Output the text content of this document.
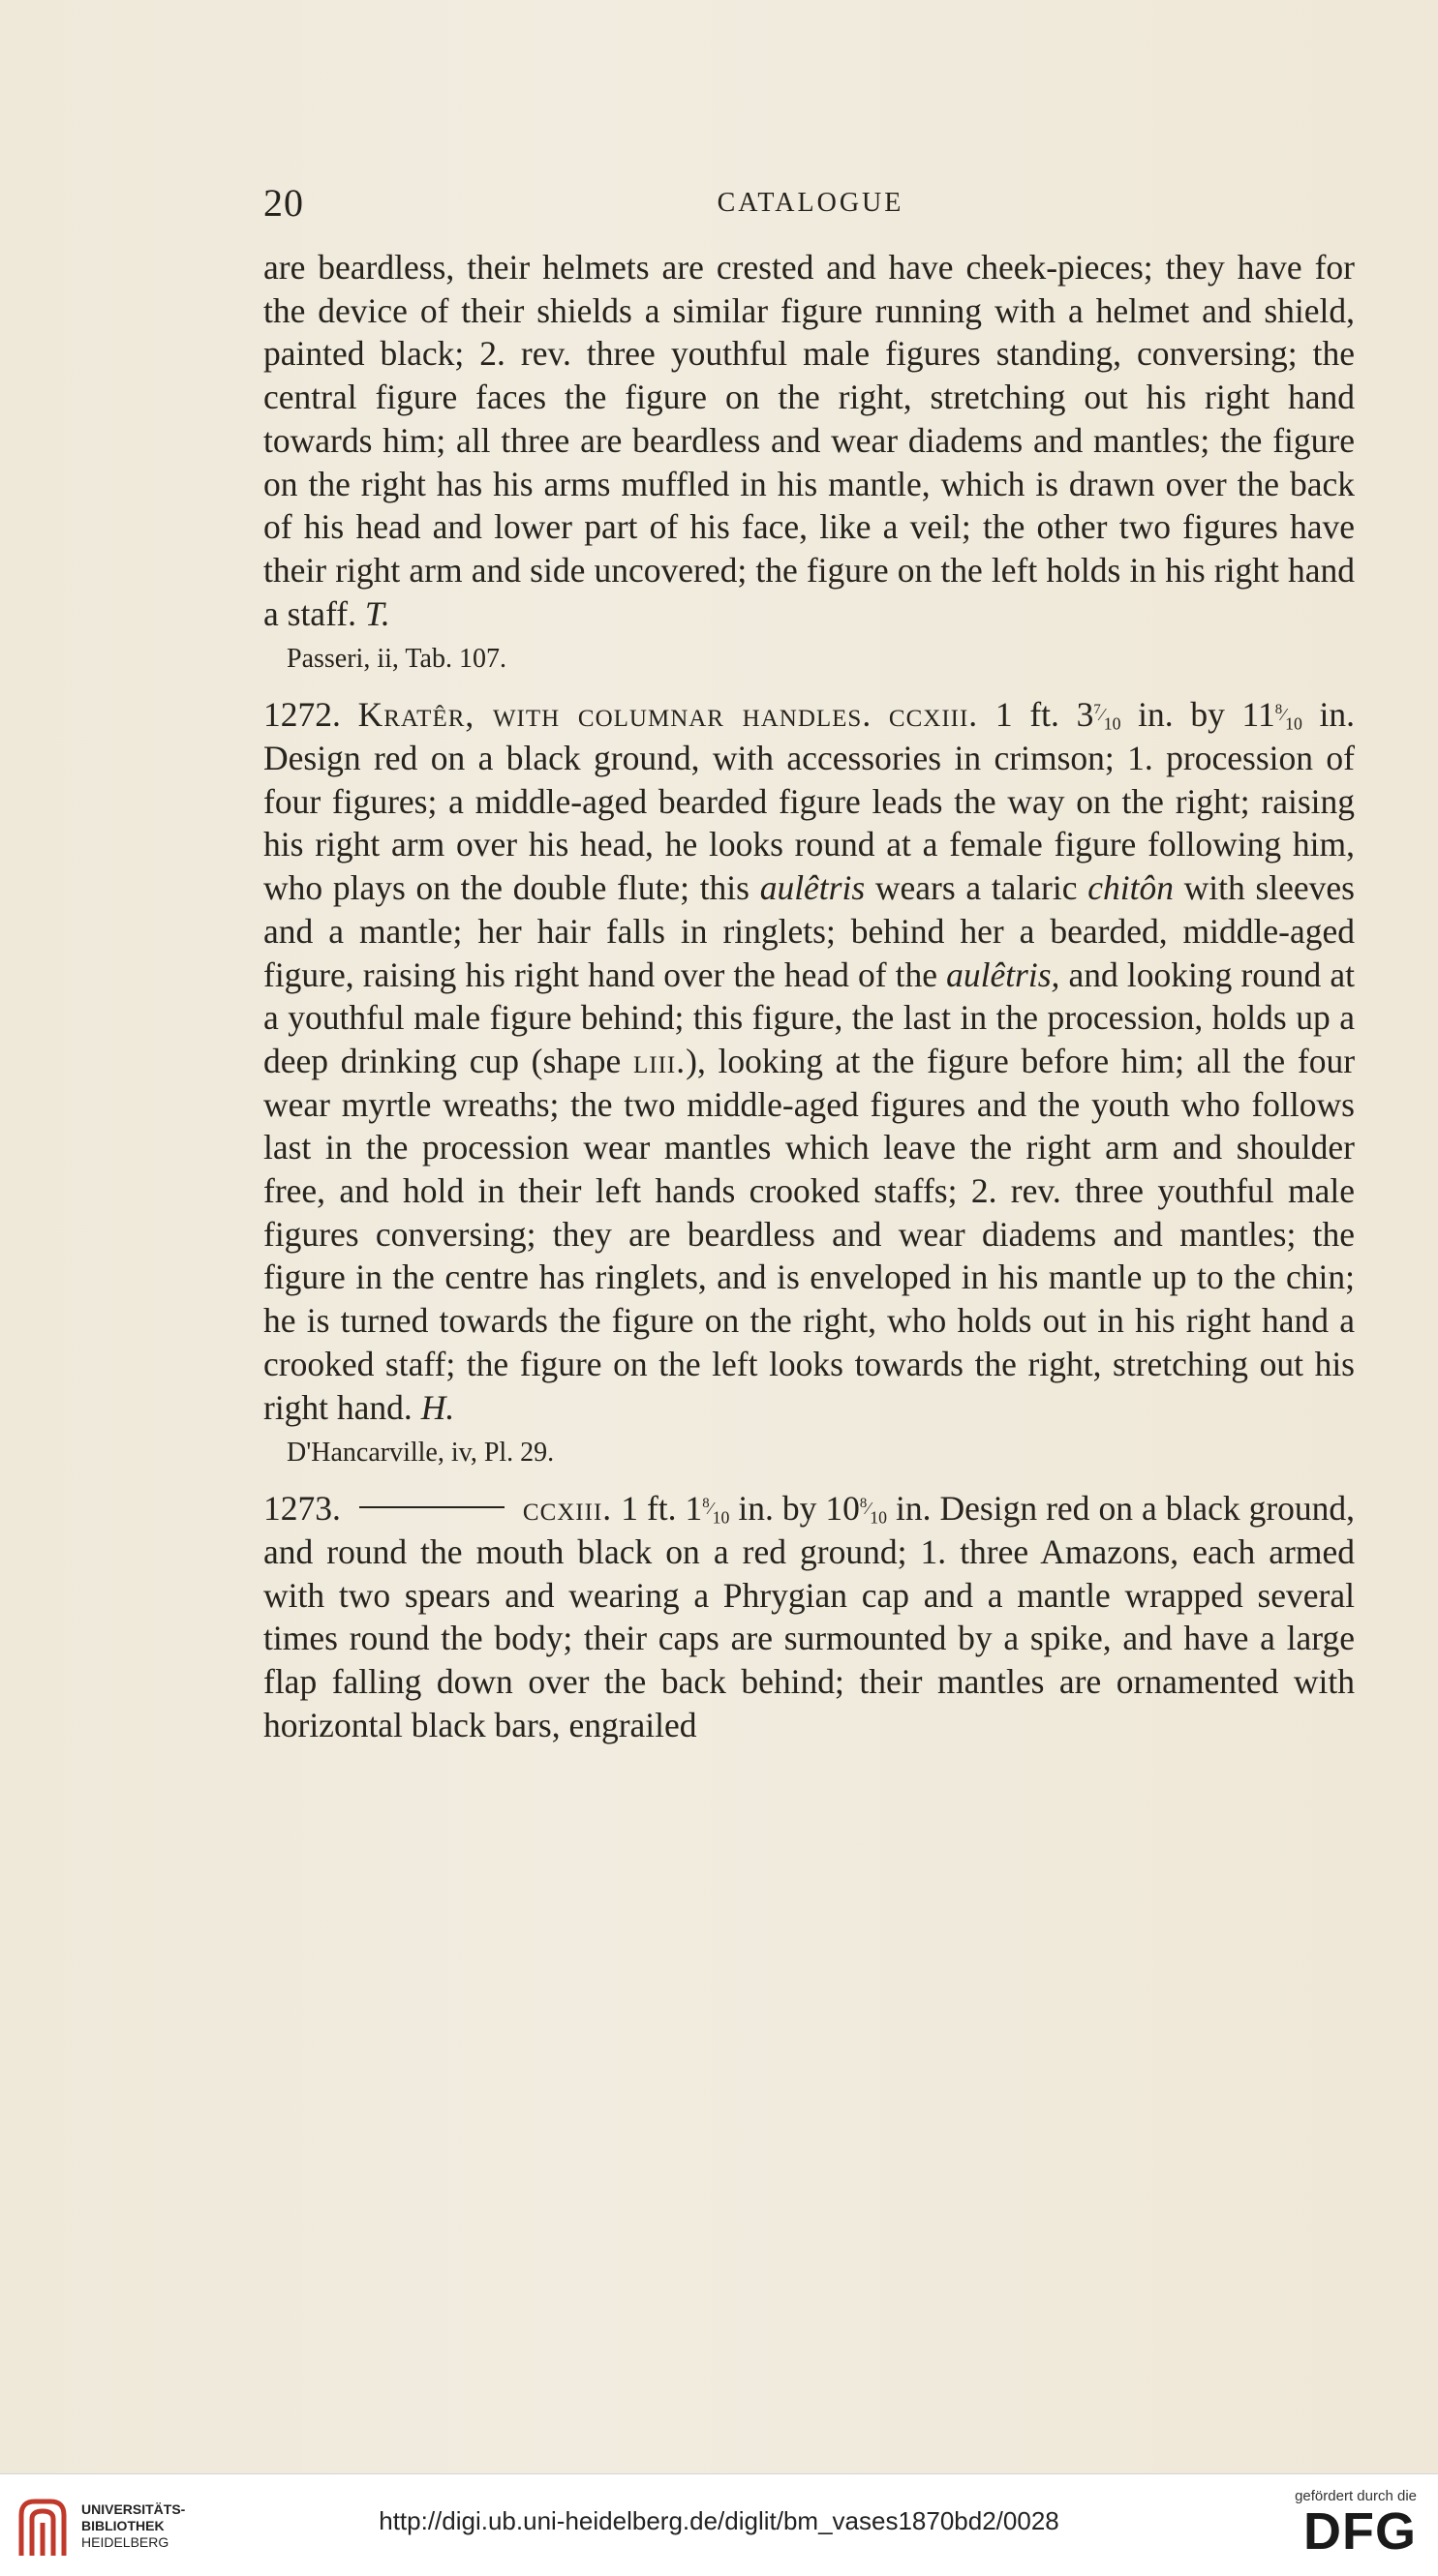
20	CATALOGUE

are beardless, their helmets are crested and have cheek-pieces; they have for the device of their shields a similar figure running with a helmet and shield, painted black; 2. rev. three youthful male figures standing, conversing; the central figure faces the figure on the right, stretching out his right hand towards him; all three are beardless and wear diadems and mantles; the figure on the right has his arms muffled in his mantle, which is drawn over the back of his head and lower part of his face, like a veil; the other two figures have their right arm and side uncovered; the figure on the left holds in his right hand a staff. T.

Passeri, ii, Tab. 107.

1272. Kratêr, with columnar handles. ccxiii. 1 ft. $3^7⁄_{10}$ in. by $11^8⁄_{10}$ in. Design red on a black ground, with accessories in crimson; 1. procession of four figures; a middle-aged bearded figure leads the way on the right; raising his right arm over his head, he looks round at a female figure following him, who plays on the double flute; this aulêtris wears a talaric chitôn with sleeves and a mantle; her hair falls in ringlets; behind her a bearded, middle-aged figure, raising his right hand over the head of the aulêtris, and looking round at a youthful male figure behind; this figure, the last in the procession, holds up a deep drinking cup (shape liii.), looking at the figure before him; all the four wear myrtle wreaths; the two middle-aged figures and the youth who follows last in the procession wear mantles which leave the right arm and shoulder free, and hold in their left hands crooked staffs; 2. rev. three youthful male figures conversing; they are beardless and wear diadems and mantles; the figure in the centre has ringlets, and is enveloped in his mantle up to the chin; he is turned towards the figure on the right, who holds out in his right hand a crooked staff; the figure on the left looks towards the right, stretching out his right hand. H.

D'Hancarville, iv, Pl. 29.

1273.	ccxiii. 1 ft. $1^8⁄_{10}$ in. by $10^8⁄_{10}$ in. Design red on a black ground, and round the mouth black on a red ground; 1. three Amazons, each armed with two spears and wearing a Phrygian cap and a mantle wrapped several times round the body; their caps are surmounted by a spike, and have a large flap falling down over the back behind; their mantles are ornamented with horizontal black bars, engrailed

UNIVERSITÄTS-
BIBLIOTHEK
HEIDELBERG
http://digi.ub.uni-heidelberg.de/diglit/bm_vases1870bd2/0028
gefördert durch die
DFG
